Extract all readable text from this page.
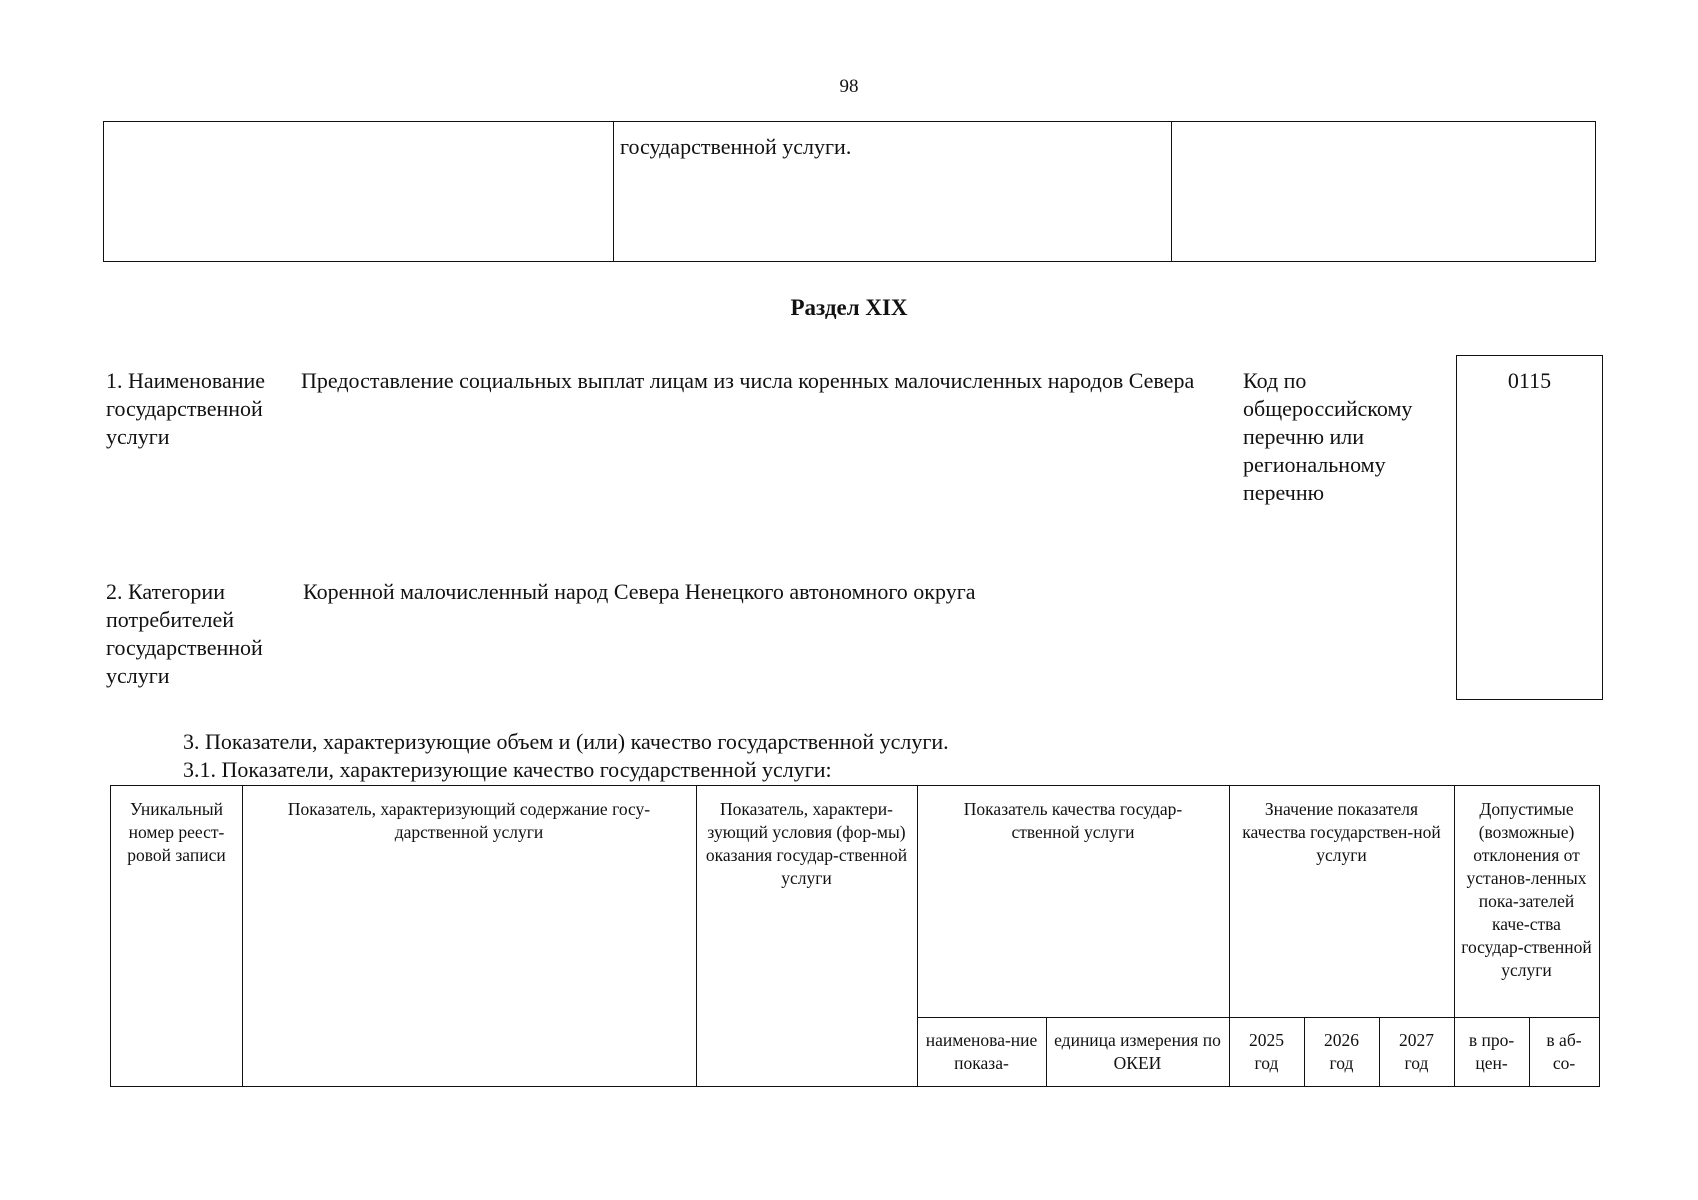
98
государственной услуги.
Раздел XIX
1. Наименование государственной услуги
Предоставление социальных выплат лицам из числа коренных малочисленных народов Севера	Код по общероссийскому перечню или региональному перечню
0115
2. Категории потребителей государственной услуги
Коренной малочисленный народ Севера Ненецкого автономного округа
3. Показатели, характеризующие объем и (или) качество государственной услуги.
3.1. Показатели, характеризующие качество государственной услуги:
Уникальный номер реест-ровой записи
Показатель, характеризующий содержание госу-дарственной услуги
Показатель, характери-зующий условия (фор-мы) оказания государ-ственной услуги
Показатель качества государ-ственной услуги
Значение показателя качества государствен-ной услуги
Допустимые (возможные) отклонения от установ-ленных пока-зателей каче-ства государ-ственной услуги
наименова-ние показа-
единица измерения по ОКЕИ
2025 год
2026 год
2027 год
в про-цен-
в аб-со-
